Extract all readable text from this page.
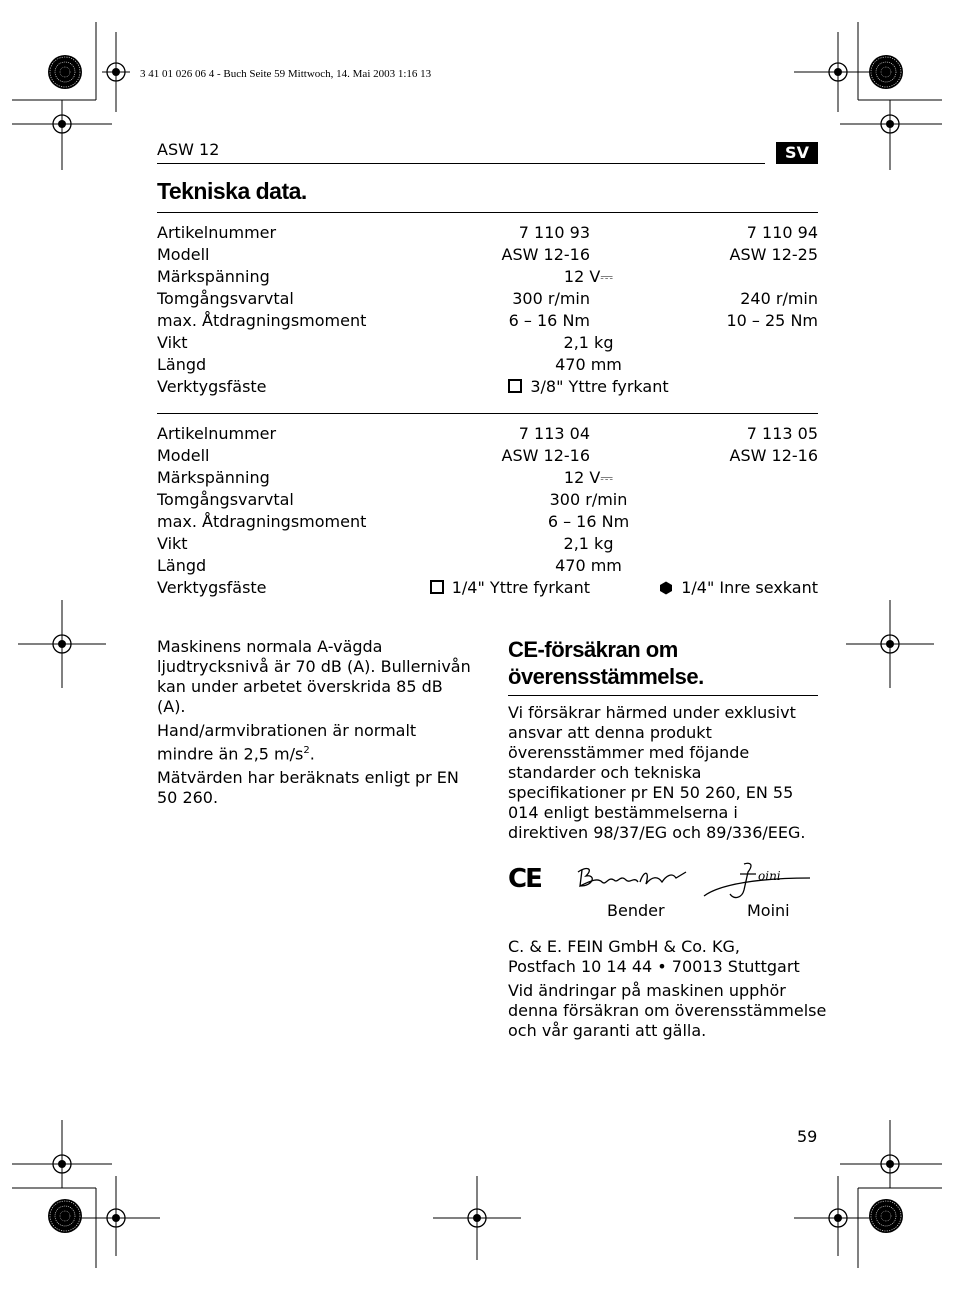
3 41 01 026 06 4 - Buch Seite 59 Mittwoch, 14. Mai 2003 1:16 13
ASW 12	SV
Tekniska data.
Artikelnummer	7 110 93	7 110 94
Modell	ASW 12-16	ASW 12-25
Märkspänning	12 V⎓	
Tomgångsvarvtal	300 r/min	240 r/min
max. Åtdragningsmoment	6 – 16 Nm	10 – 25 Nm
Vikt	2,1 kg	
Längd	470 mm	
Verktygsfäste	3/8" Yttre fyrkant	
Artikelnummer	7 113 04	7 113 05
Modell	ASW 12-16	ASW 12-16
Märkspänning	12 V⎓	
Tomgångsvarvtal	300 r/min	
max. Åtdragningsmoment	6 – 16 Nm	
Vikt	2,1 kg	
Längd	470 mm	
Verktygsfäste	1/4" Yttre fyrkant	1/4" Inre sexkant

Maskinens normala A-vägda ljudtrycksnivå är 70 dB (A). Bullernivån kan under arbetet överskrida 85 dB (A).

Hand/armvibrationen är normalt mindre än 2,5 $m/s^2$.

Mätvärden har beräknats enligt pr EN 50 260.

CE-försäkran om
överensstämmelse.

Vi försäkrar härmed under exklusivt ansvar att denna produkt överensstämmer med föjande standarder och tekniska specifikationer pr EN 50 260, EN 55 014 enligt bestämmelserna i direktiven 98/37/EG och 89/336/EEG.

CE	oini
Bender	Moini

C. & E. FEIN GmbH & Co. KG,

Postfach 10 14 44 • 70013 Stuttgart

Vid ändringar på maskinen upphör denna försäkran om överensstämmelse och vår garanti att gälla.

59
